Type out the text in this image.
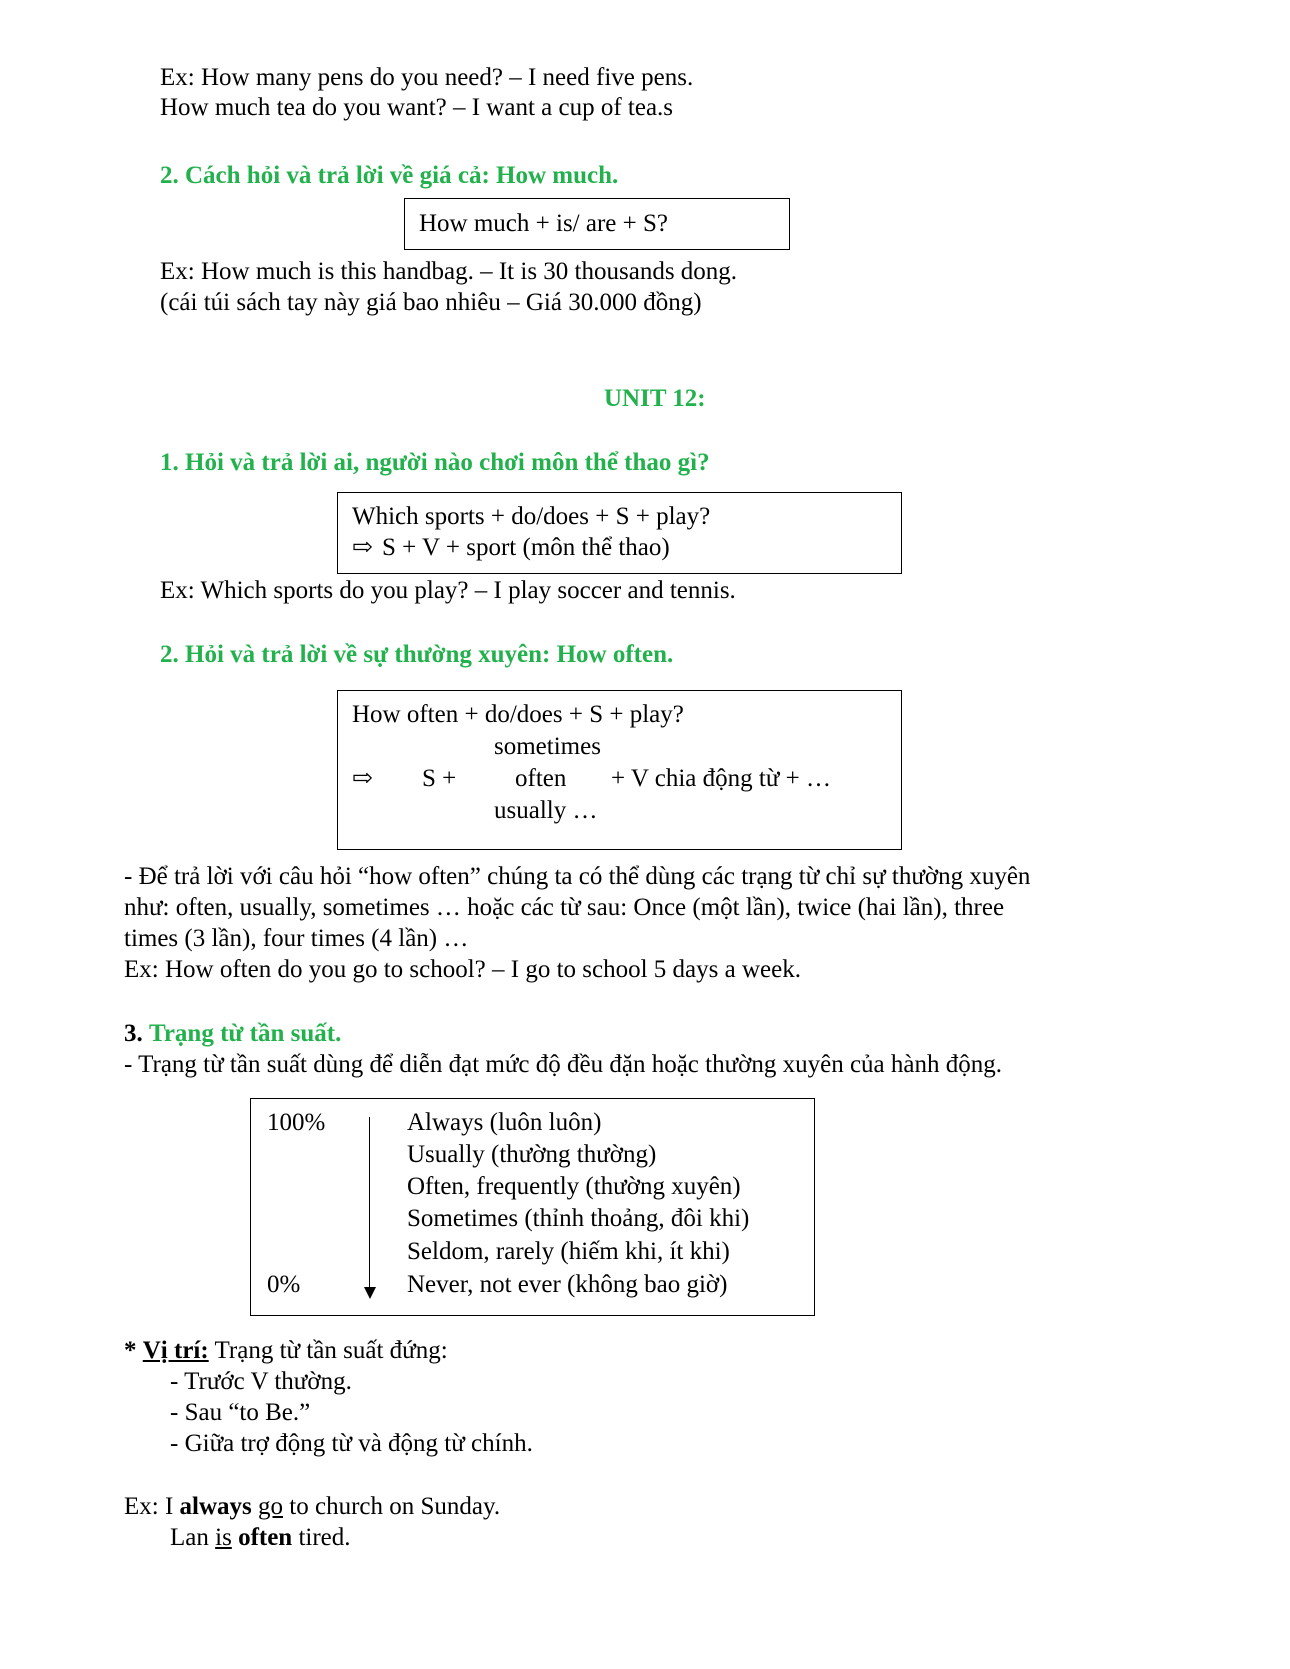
Ex: How many pens do you need? – I need five pens.
How much tea do you want? – I want a cup of tea.s
2. Cách hỏi và trả lời về giá cả: How much.
How much + is/ are + S?
Ex: How much is this handbag. – It is 30 thousands dong.
(cái túi sách tay này giá bao nhiêu – Giá 30.000 đồng)
UNIT 12:
1. Hỏi và trả lời ai, người nào chơi môn thể thao gì?
Which sports + do/does + S + play?
⇨ S + V + sport (môn thể thao)
Ex: Which sports do you play? – I play soccer and tennis.
2. Hỏi và trả lời về sự thường xuyên: How often.
How often + do/does + S + play?
sometimes
⇨ S + often + V chia động từ + …
usually …
- Để trả lời với câu hỏi “how often” chúng ta có thể dùng các trạng từ chỉ sự thường xuyên
như: often, usually, sometimes … hoặc các từ sau: Once (một lần), twice (hai lần), three
times (3 lần), four times (4 lần) …
Ex: How often do you go to school? – I go to school 5 days a week.
3. Trạng từ tần suất.
- Trạng từ tần suất dùng để diễn đạt mức độ đều đặn hoặc thường xuyên của hành động.
100%
0%
Always (luôn luôn)
Usually (thường thường)
Often, frequently (thường xuyên)
Sometimes (thỉnh thoảng, đôi khi)
Seldom, rarely (hiếm khi, ít khi)
Never, not ever (không bao giờ)
* Vị trí: Trạng từ tần suất đứng:
- Trước V thường.
- Sau “to Be.”
- Giữa trợ động từ và động từ chính.
Ex: I always go to church on Sunday.
Lan is often tired.
